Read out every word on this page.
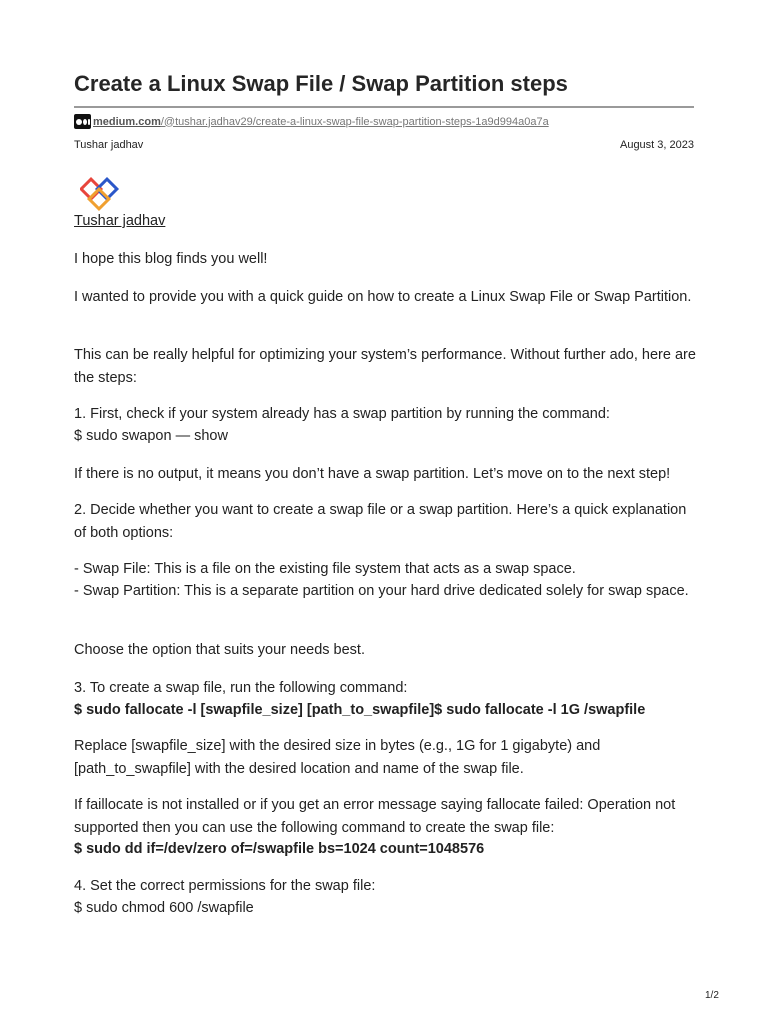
Create a Linux Swap File / Swap Partition steps
medium.com /@tushar.jadhav29/create-a-linux-swap-file-swap-partition-steps-1a9d994a0a7a
Tushar jadhav	August 3, 2023
Tushar jadhav

I hope this blog finds you well!

I wanted to provide you with a quick guide on how to create a Linux Swap File or Swap Partition.

This can be really helpful for optimizing your system’s performance. Without further ado, here are the steps:

1. First, check if your system already has a swap partition by running the command:

$ sudo swapon — show

If there is no output, it means you don’t have a swap partition. Let’s move on to the next step!

2. Decide whether you want to create a swap file or a swap partition. Here’s a quick explanation of both options:

- Swap File: This is a file on the existing file system that acts as a swap space.

- Swap Partition: This is a separate partition on your hard drive dedicated solely for swap space.

Choose the option that suits your needs best.

3. To create a swap file, run the following command:

$ sudo fallocate -l [swapfile_size] [path_to_swapfile]$ sudo fallocate -l 1G /swapfile

Replace [swapfile_size] with the desired size in bytes (e.g., 1G for 1 gigabyte) and [path_to_swapfile] with the desired location and name of the swap file.

If faillocate is not installed or if you get an error message saying fallocate failed: Operation not supported then you can use the following command to create the swap file:

$ sudo dd if=/dev/zero of=/swapfile bs=1024 count=1048576

4. Set the correct permissions for the swap file:

$ sudo chmod 600 /swapfile

1/2
